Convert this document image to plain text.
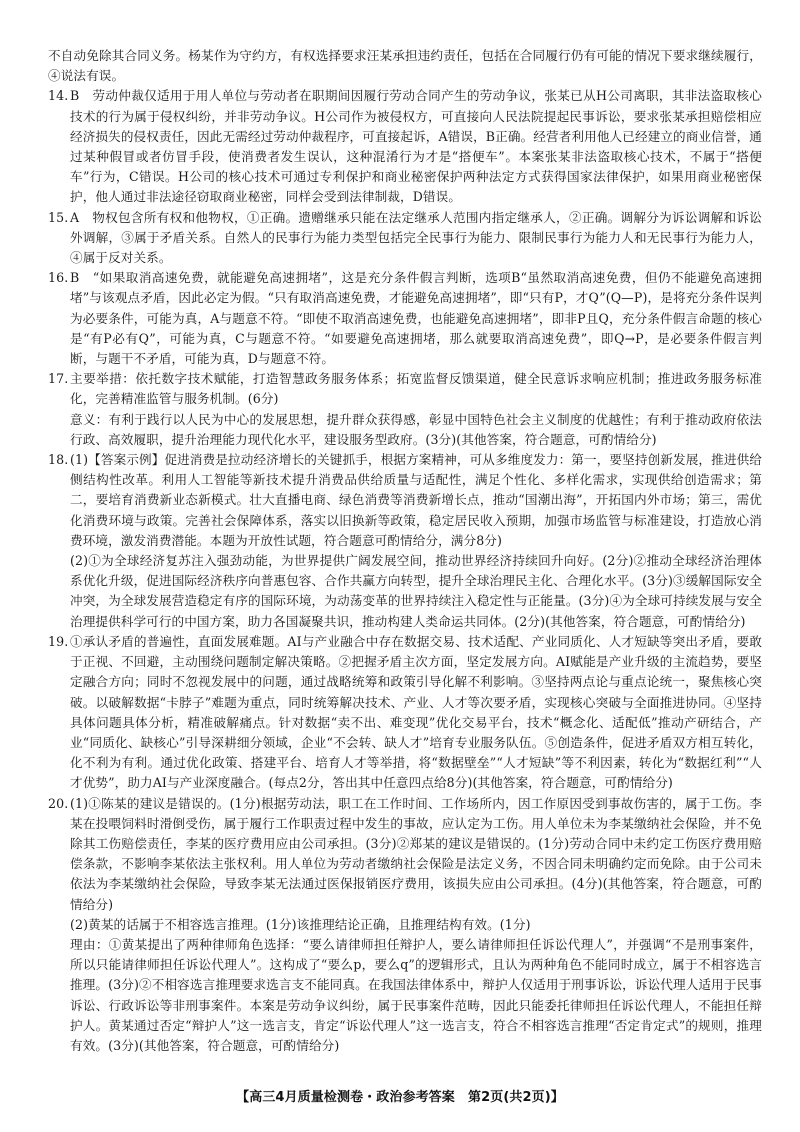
不自动免除其合同义务。杨某作为守约方，有权选择要求汪某承担违约责任，包括在合同履行仍有可能的情况下要求继续履行，④说法有误。

14. B　劳动仲裁仅适用于用人单位与劳动者在职期间因履行劳动合同产生的劳动争议，张某已从H公司离职，其非法盗取核心技术的行为属于侵权纠纷，并非劳动争议。H公司作为被侵权方，可直接向人民法院提起民事诉讼，要求张某承担赔偿相应经济损失的侵权责任，因此无需经过劳动仲裁程序，可直接起诉，A错误，B正确。经营者利用他人已经建立的商业信誉，通过某种假冒或者仿冒手段，使消费者发生误认，这种混淆行为才是“搭便车”。本案张某非法盗取核心技术，不属于“搭便车”行为，C错误。H公司的核心技术可通过专利保护和商业秘密保护两种法定方式获得国家法律保护，如果用商业秘密保护，他人通过非法途径窃取商业秘密，同样会受到法律制裁，D错误。

15. A　物权包含所有权和他物权，①正确。遗赠继承只能在法定继承人范围内指定继承人，②正确。调解分为诉讼调解和诉讼外调解，③属于矛盾关系。自然人的民事行为能力类型包括完全民事行为能力、限制民事行为能力人和无民事行为能力人，④属于反对关系。

16. B　“如果取消高速免费，就能避免高速拥堵”，这是充分条件假言判断，选项B“虽然取消高速免费，但仍不能避免高速拥堵”与该观点矛盾，因此必定为假。“只有取消高速免费，才能避免高速拥堵”，即“只有P，才Q”(Q—P)，是将充分条件误判为必要条件，可能为真，A与题意不符。“即使不取消高速免费，也能避免高速拥堵”，即非P且Q，充分条件假言命题的核心是“有P必有Q”，可能为真，C与题意不符。“如要避免高速拥堵，那么就要取消高速免费”，即Q→P，是必要条件假言判断，与题干不矛盾，可能为真，D与题意不符。

17. 主要举措：依托数字技术赋能，打造智慧政务服务体系；拓宽监督反馈渠道，健全民意诉求响应机制；推进政务服务标准化，完善精准监管与服务机制。(6分)

意义：有利于践行以人民为中心的发展思想，提升群众获得感，彰显中国特色社会主义制度的优越性；有利于推动政府依法行政、高效履职，提升治理能力现代化水平，建设服务型政府。(3分)(其他答案，符合题意，可酌情给分)

18. (1)【答案示例】促进消费是拉动经济增长的关键抓手，根据方案精神，可从多维度发力：第一，要坚持创新发展，推进供给侧结构性改革。利用人工智能等新技术提升消费品供给质量与适配性，满足个性化、多样化需求，实现供给创造需求；第二，要培育消费新业态新模式。壮大直播电商、绿色消费等消费新增长点，推动“国潮出海”，开拓国内外市场；第三，需优化消费环境与政策。完善社会保障体系，落实以旧换新等政策，稳定居民收入预期，加强市场监管与标准建设，打造放心消费环境，激发消费潜能。本题为开放性试题，符合题意可酌情给分，满分8分)

(2)①为全球经济复苏注入强劲动能，为世界提供广阔发展空间，推动世界经济持续回升向好。(2分)②推动全球经济治理体系优化升级，促进国际经济秩序向普惠包容、合作共赢方向转型，提升全球治理民主化、合理化水平。(3分)③缓解国际安全冲突，为全球发展营造稳定有序的国际环境，为动荡变革的世界持续注入稳定性与正能量。(3分)④为全球可持续发展与安全治理提供科学可行的中国方案，助力各国凝聚共识，推动构建人类命运共同体。(2分)(其他答案，符合题意，可酌情给分)

19. ①承认矛盾的普遍性，直面发展难题。AI与产业融合中存在数据交易、技术适配、产业同质化、人才短缺等突出矛盾，要敢于正视、不回避，主动围绕问题制定解决策略。②把握矛盾主次方面，坚定发展方向。AI赋能是产业升级的主流趋势，要坚定融合方向；同时不忽视发展中的问题，通过战略统筹和政策引导化解不利影响。③坚持两点论与重点论统一，聚焦核心突破。以破解数据“卡脖子”难题为重点，同时统筹解决技术、产业、人才等次要矛盾，实现核心突破与全面推进协同。④坚持具体问题具体分析，精准破解痛点。针对数据“卖不出、难变现”优化交易平台，技术“概念化、适配低”推动产研结合，产业“同质化、缺核心”引导深耕细分领域，企业“不会转、缺人才”培育专业服务队伍。⑤创造条件，促进矛盾双方相互转化，化不利为有利。通过优化政策、搭建平台、培育人才等举措，将“数据壁垒”“人才短缺”等不利因素，转化为“数据红利”“人才优势”，助力AI与产业深度融合。(每点2分，答出其中任意四点给8分)(其他答案，符合题意，可酌情给分)

20. (1)①陈某的建议是错误的。(1分)根据劳动法，职工在工作时间、工作场所内，因工作原因受到事故伤害的，属于工伤。李某在投喂饲料时滑倒受伤，属于履行工作职责过程中发生的事故，应认定为工伤。用人单位未为李某缴纳社会保险，并不免除其工伤赔偿责任，李某的医疗费用应由公司承担。(3分)②郑某的建议是错误的。(1分)劳动合同中未约定工伤医疗费用赔偿条款，不影响李某依法主张权利。用人单位为劳动者缴纳社会保险是法定义务，不因合同未明确约定而免除。由于公司未依法为李某缴纳社会保险，导致李某无法通过医保报销医疗费用，该损失应由公司承担。(4分)(其他答案，符合题意，可酌情给分)

(2)黄某的话属于不相容选言推理。(1分)该推理结论正确，且推理结构有效。(1分)

理由：①黄某提出了两种律师角色选择：“要么请律师担任辩护人，要么请律师担任诉讼代理人”，并强调“不是刑事案件，所以只能请律师担任诉讼代理人”。这构成了“要么p，要么q”的逻辑形式，且认为两种角色不能同时成立，属于不相容选言推理。(3分)②不相容选言推理要求选言支不能同真。在我国法律体系中，辩护人仅适用于刑事诉讼，诉讼代理人适用于民事诉讼、行政诉讼等非刑事案件。本案是劳动争议纠纷，属于民事案件范畴，因此只能委托律师担任诉讼代理人，不能担任辩护人。黄某通过否定“辩护人”这一选言支，肯定“诉讼代理人”这一选言支，符合不相容选言推理“否定肯定式”的规则，推理有效。(3分)(其他答案，符合题意，可酌情给分)

【高三4月质量检测卷・政治参考答案　第2页(共2页)】
